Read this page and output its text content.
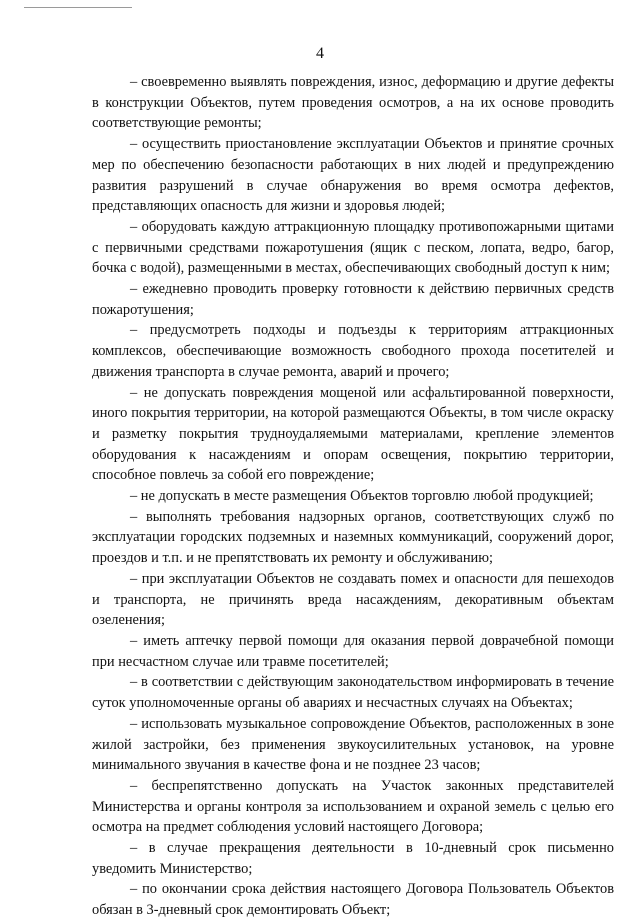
4

– своевременно выявлять повреждения, износ, деформацию и другие дефекты в конструкции Объектов, путем проведения осмотров, а на их основе проводить соответствующие ремонты;

– осуществить приостановление эксплуатации Объектов и принятие срочных мер по обеспечению безопасности работающих в них людей и предупреждению развития разрушений в случае обнаружения во время осмотра дефектов, представляющих опасность для жизни и здоровья людей;

– оборудовать каждую аттракционную площадку противопожарными щитами с первичными средствами пожаротушения (ящик с песком, лопата, ведро, багор, бочка с водой), размещенными в местах, обеспечивающих свободный доступ к ним;

– ежедневно проводить проверку готовности к действию первичных средств пожаротушения;

– предусмотреть подходы и подъезды к территориям аттракционных комплексов, обеспечивающие возможность свободного прохода посетителей и движения транспорта в случае ремонта, аварий и прочего;

– не допускать повреждения мощеной или асфальтированной поверхности, иного покрытия территории, на которой размещаются Объекты, в том числе окраску и разметку покрытия трудноудаляемыми материалами, крепление элементов оборудования к насаждениям и опорам освещения, покрытию территории, способное повлечь за собой его повреждение;

– не допускать в месте размещения Объектов торговлю любой продукцией;

– выполнять требования надзорных органов, соответствующих служб по эксплуатации городских подземных и наземных коммуникаций, сооружений дорог, проездов и т.п. и не препятствовать их ремонту и обслуживанию;

– при эксплуатации Объектов не создавать помех и опасности для пешеходов и транспорта, не причинять вреда насаждениям, декоративным объектам озеленения;

– иметь аптечку первой помощи для оказания первой доврачебной помощи при несчастном случае или травме посетителей;

– в соответствии с действующим законодательством информировать в течение суток уполномоченные органы об авариях и несчастных случаях на Объектах;

– использовать музыкальное сопровождение Объектов, расположенных в зоне жилой застройки, без применения звукоусилительных установок, на уровне минимального звучания в качестве фона и не позднее 23 часов;

– беспрепятственно допускать на Участок законных представителей Министерства и органы контроля за использованием и охраной земель с целью его осмотра на предмет соблюдения условий настоящего Договора;

– в случае прекращения деятельности в 10-дневный срок письменно уведомить Министерство;

– по окончании срока действия настоящего Договора Пользователь Объектов обязан в 3-дневный срок демонтировать Объект;
